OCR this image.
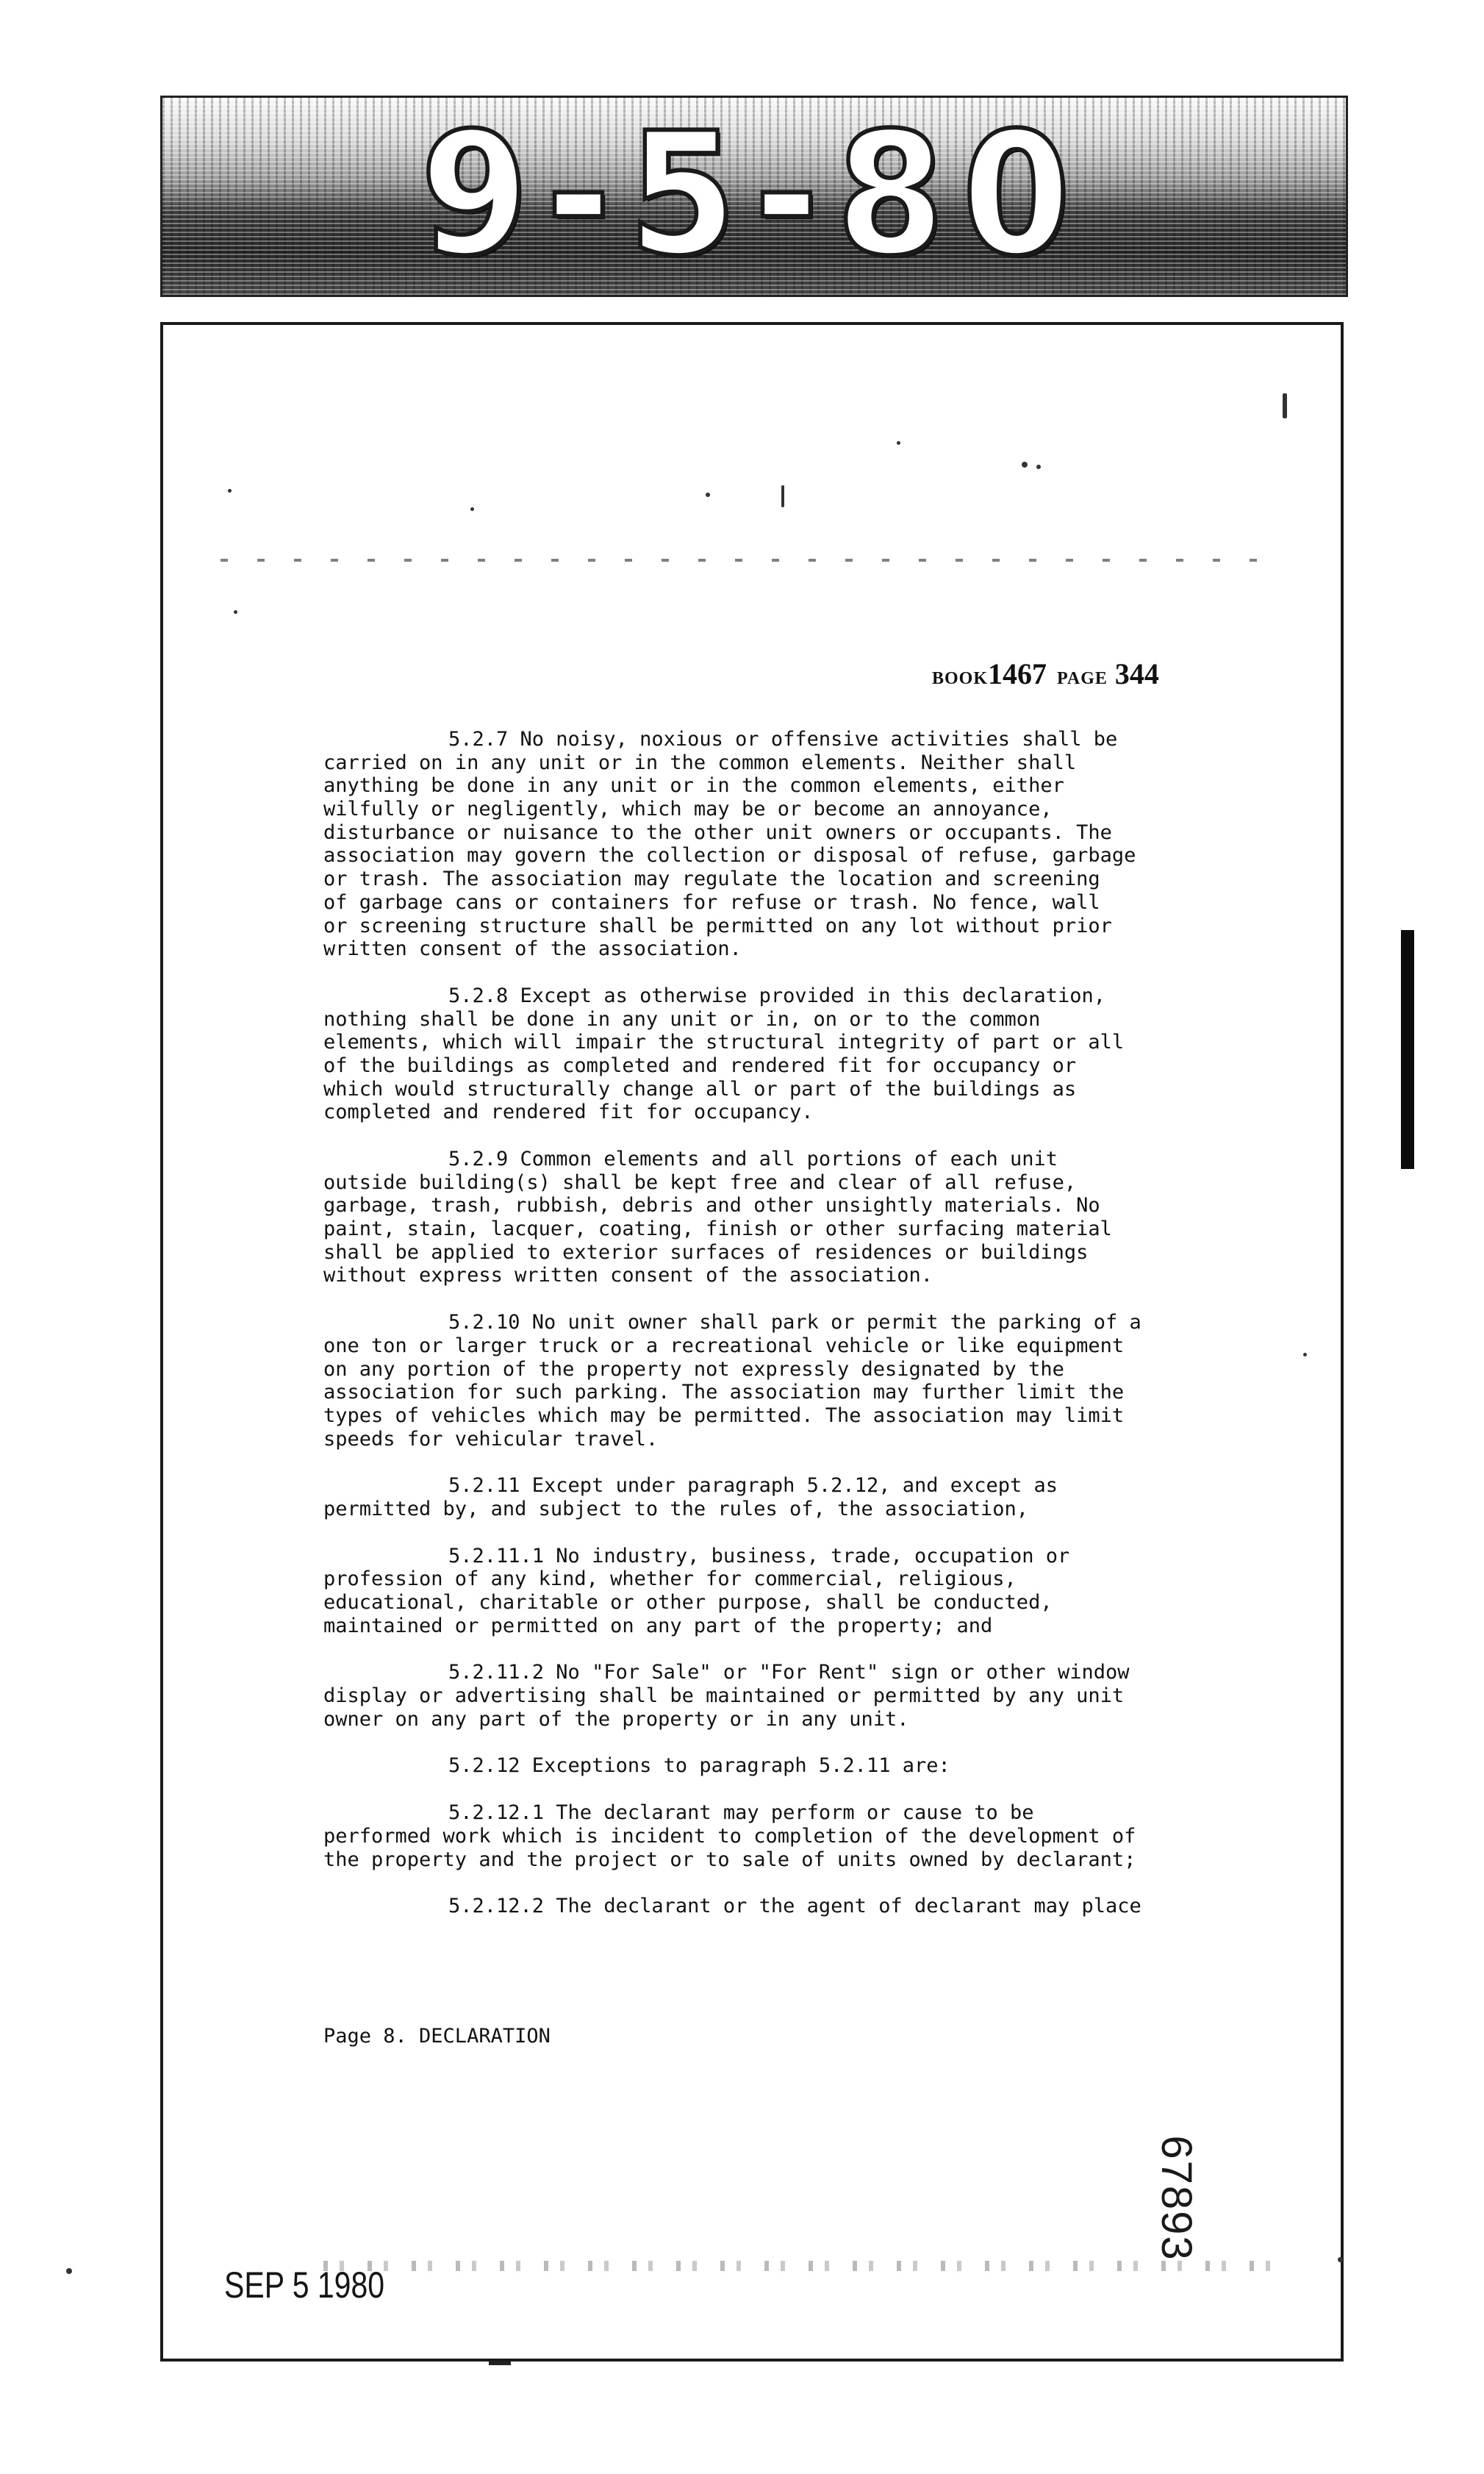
9-5-80
BOOK1467 PAGE 344
5.2.7 No noisy, noxious or offensive activities shall be
carried on in any unit or in the common elements. Neither shall
anything be done in any unit or in the common elements, either
wilfully or negligently, which may be or become an annoyance,
disturbance or nuisance to the other unit owners or occupants. The
association may govern the collection or disposal of refuse, garbage
or trash. The association may regulate the location and screening
of garbage cans or containers for refuse or trash. No fence, wall
or screening structure shall be permitted on any lot without prior
written consent of the association.
5.2.8 Except as otherwise provided in this declaration,
nothing shall be done in any unit or in, on or to the common
elements, which will impair the structural integrity of part or all
of the buildings as completed and rendered fit for occupancy or
which would structurally change all or part of the buildings as
completed and rendered fit for occupancy.
5.2.9 Common elements and all portions of each unit
outside building(s) shall be kept free and clear of all refuse,
garbage, trash, rubbish, debris and other unsightly materials. No
paint, stain, lacquer, coating, finish or other surfacing material
shall be applied to exterior surfaces of residences or buildings
without express written consent of the association.
5.2.10 No unit owner shall park or permit the parking of a
one ton or larger truck or a recreational vehicle or like equipment
on any portion of the property not expressly designated by the
association for such parking. The association may further limit the
types of vehicles which may be permitted. The association may limit
speeds for vehicular travel.
5.2.11 Except under paragraph 5.2.12, and except as
permitted by, and subject to the rules of, the association,
5.2.11.1 No industry, business, trade, occupation or
profession of any kind, whether for commercial, religious,
educational, charitable or other purpose, shall be conducted,
maintained or permitted on any part of the property; and
5.2.11.2 No "For Sale" or "For Rent" sign or other window
display or advertising shall be maintained or permitted by any unit
owner on any part of the property or in any unit.
5.2.12 Exceptions to paragraph 5.2.11 are:
5.2.12.1 The declarant may perform or cause to be
performed work which is incident to completion of the development of
the property and the project or to sale of units owned by declarant;
5.2.12.2 The declarant or the agent of declarant may place
Page 8. DECLARATION
67893
SEP 5 1980
